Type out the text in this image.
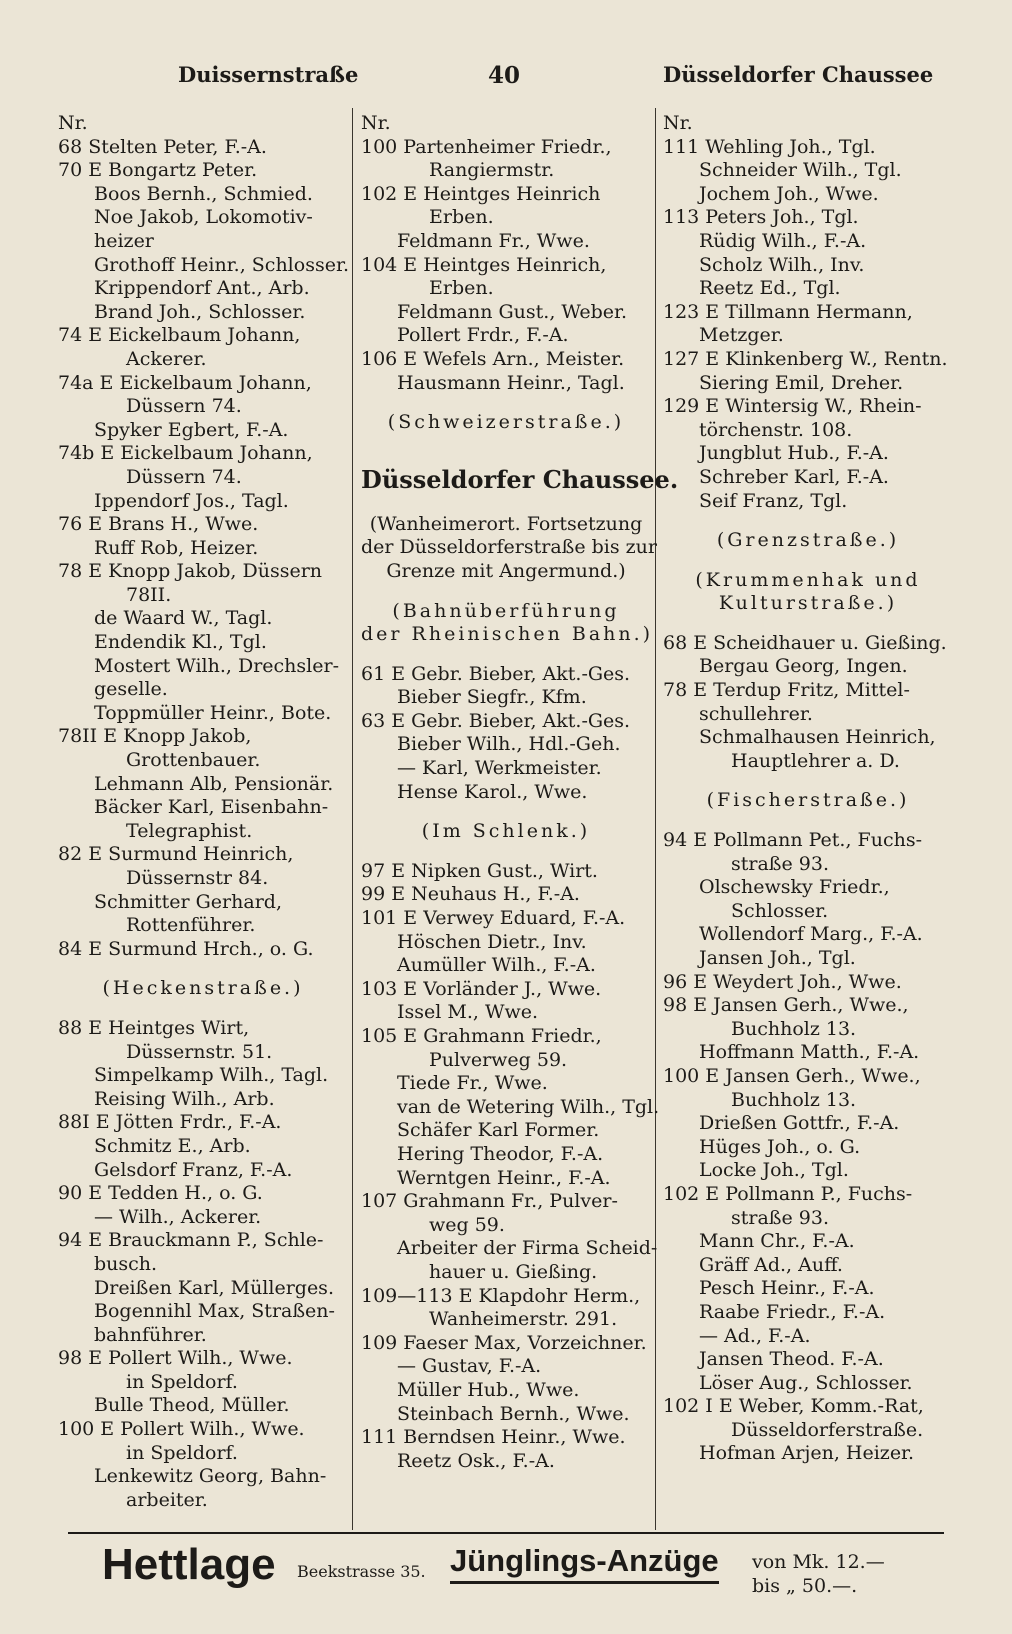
Duissernstraße	40	Düsseldorfer Chaussee
Nr.
68 Stelten Peter, F.-A.
70 E Bongartz Peter.
Boos Bernh., Schmied.
Noe Jakob, Lokomotiv-
heizer
Grothoff Heinr., Schlosser.
Krippendorf Ant., Arb.
Brand Joh., Schlosser.
74 E Eickelbaum Johann,
Ackerer.
74a E Eickelbaum Johann,
Düssern 74.
Spyker Egbert, F.-A.
74b E Eickelbaum Johann,
Düssern 74.
Ippendorf Jos., Tagl.
76 E Brans H., Wwe.
Ruff Rob, Heizer.
78 E Knopp Jakob, Düssern
78II.
de Waard W., Tagl.
Endendik Kl., Tgl.
Mostert Wilh., Drechsler-
geselle.
Toppmüller Heinr., Bote.
78II E Knopp Jakob,
Grottenbauer.
Lehmann Alb, Pensionär.
Bäcker Karl, Eisenbahn-
Telegraphist.
82 E Surmund Heinrich,
Düssernstr 84.
Schmitter Gerhard,
Rottenführer.
84 E Surmund Hrch., o. G.
(Heckenstraße.)
88 E Heintges Wirt,
Düssernstr. 51.
Simpelkamp Wilh., Tagl.
Reising Wilh., Arb.
88I E Jötten Frdr., F.-A.
Schmitz E., Arb.
Gelsdorf Franz, F.-A.
90 E Tedden H., o. G.
— Wilh., Ackerer.
94 E Brauckmann P., Schle-
busch.
Dreißen Karl, Müllerges.
Bogennihl Max, Straßen-
bahnführer.
98 E Pollert Wilh., Wwe.
in Speldorf.
Bulle Theod, Müller.
100 E Pollert Wilh., Wwe.
in Speldorf.
Lenkewitz Georg, Bahn-
arbeiter.
Nr.
100 Partenheimer Friedr.,
Rangiermstr.
102 E Heintges Heinrich
Erben.
Feldmann Fr., Wwe.
104 E Heintges Heinrich,
Erben.
Feldmann Gust., Weber.
Pollert Frdr., F.-A.
106 E Wefels Arn., Meister.
Hausmann Heinr., Tagl.
(Schweizerstraße.)
Düsseldorfer Chaussee.
(Wanheimerort. Fortsetzung
der Düsseldorferstraße bis zur
Grenze mit Angermund.)
(Bahnüberführung
der Rheinischen Bahn.)
61 E Gebr. Bieber, Akt.-Ges.
Bieber Siegfr., Kfm.
63 E Gebr. Bieber, Akt.-Ges.
Bieber Wilh., Hdl.-Geh.
— Karl, Werkmeister.
Hense Karol., Wwe.
(Im Schlenk.)
97 E Nipken Gust., Wirt.
99 E Neuhaus H., F.-A.
101 E Verwey Eduard, F.-A.
Höschen Dietr., Inv.
Aumüller Wilh., F.-A.
103 E Vorländer J., Wwe.
Issel M., Wwe.
105 E Grahmann Friedr.,
Pulverweg 59.
Tiede Fr., Wwe.
van de Wetering Wilh., Tgl.
Schäfer Karl Former.
Hering Theodor, F.-A.
Werntgen Heinr., F.-A.
107 Grahmann Fr., Pulver-
weg 59.
Arbeiter der Firma Scheid-
hauer u. Gießing.
109—113 E Klapdohr Herm.,
Wanheimerstr. 291.
109 Faeser Max, Vorzeichner.
— Gustav, F.-A.
Müller Hub., Wwe.
Steinbach Bernh., Wwe.
111 Berndsen Heinr., Wwe.
Reetz Osk., F.-A.
Nr.
111 Wehling Joh., Tgl.
Schneider Wilh., Tgl.
Jochem Joh., Wwe.
113 Peters Joh., Tgl.
Rüdig Wilh., F.-A.
Scholz Wilh., Inv.
Reetz Ed., Tgl.
123 E Tillmann Hermann,
Metzger.
127 E Klinkenberg W., Rentn.
Siering Emil, Dreher.
129 E Wintersig W., Rhein-
törchenstr. 108.
Jungblut Hub., F.-A.
Schreber Karl, F.-A.
Seif Franz, Tgl.
(Grenzstraße.)
(Krummenhak und
Kulturstraße.)
68 E Scheidhauer u. Gießing.
Bergau Georg, Ingen.
78 E Terdup Fritz, Mittel-
schullehrer.
Schmalhausen Heinrich,
Hauptlehrer a. D.
(Fischerstraße.)
94 E Pollmann Pet., Fuchs-
straße 93.
Olschewsky Friedr.,
Schlosser.
Wollendorf Marg., F.-A.
Jansen Joh., Tgl.
96 E Weydert Joh., Wwe.
98 E Jansen Gerh., Wwe.,
Buchholz 13.
Hoffmann Matth., F.-A.
100 E Jansen Gerh., Wwe.,
Buchholz 13.
Drießen Gottfr., F.-A.
Hüges Joh., o. G.
Locke Joh., Tgl.
102 E Pollmann P., Fuchs-
straße 93.
Mann Chr., F.-A.
Gräff Ad., Auff.
Pesch Heinr., F.-A.
Raabe Friedr., F.-A.
— Ad., F.-A.
Jansen Theod. F.-A.
Löser Aug., Schlosser.
102 I E Weber, Komm.-Rat,
Düsseldorferstraße.
Hofman Arjen, Heizer.
Hettlage Beekstrasse 35. Jünglings-Anzüge von Mk. 12.—
bis „ 50.—.
